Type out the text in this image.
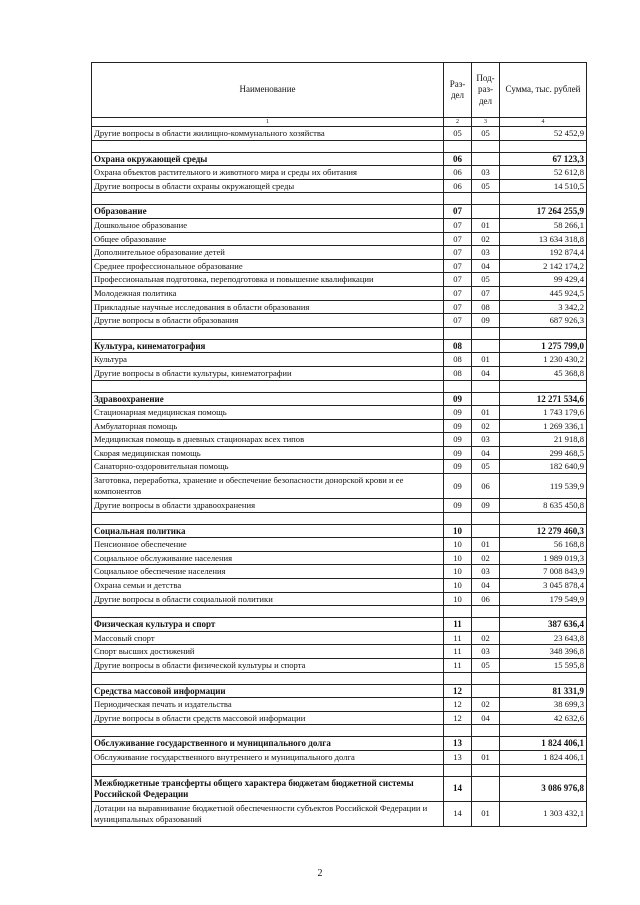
Наименование	Раз-дел	Под-раз-дел	Сумма, тыс. рублей
1	2	3	4
Другие вопросы в области жилищно-коммунального хозяйства	05	05	52 452,9

Охрана окружающей среды	06		67 123,3
Охрана объектов растительного и животного мира и среды их обитания	06	03	52 612,8
Другие вопросы в области охраны окружающей среды	06	05	14 510,5

Образование	07		17 264 255,9
Дошкольное образование	07	01	58 266,1
Общее образование	07	02	13 634 318,8
Дополнительное образование детей	07	03	192 874,4
Среднее профессиональное образование	07	04	2 142 174,2
Профессиональная подготовка, переподготовка и повышение квалификации	07	05	99 429,4
Молодежная политика	07	07	445 924,5
Прикладные научные исследования в области образования	07	08	3 342,2
Другие вопросы в области образования	07	09	687 926,3

Культура, кинематография	08		1 275 799,0
Культура	08	01	1 230 430,2
Другие вопросы в области культуры, кинематографии	08	04	45 368,8

Здравоохранение	09		12 271 534,6
Стационарная медицинская помощь	09	01	1 743 179,6
Амбулаторная помощь	09	02	1 269 336,1
Медицинская помощь в дневных стационарах всех типов	09	03	21 918,8
Скорая медицинская помощь	09	04	299 468,5
Санаторно-оздоровительная помощь	09	05	182 640,9
Заготовка, переработка, хранение и обеспечение безопасности донорской крови и ее компонентов	09	06	119 539,9
Другие вопросы в области здравоохранения	09	09	8 635 450,8

Социальная политика	10		12 279 460,3
Пенсионное обеспечение	10	01	56 168,8
Социальное обслуживание населения	10	02	1 989 019,3
Социальное обеспечение населения	10	03	7 008 843,9
Охрана семьи и детства	10	04	3 045 878,4
Другие вопросы в области социальной политики	10	06	179 549,9

Физическая культура и спорт	11		387 636,4
Массовый спорт	11	02	23 643,8
Спорт высших достижений	11	03	348 396,8
Другие вопросы в области физической культуры и спорта	11	05	15 595,8

Средства массовой информации	12		81 331,9
Периодическая печать и издательства	12	02	38 699,3
Другие вопросы в области средств массовой информации	12	04	42 632,6

Обслуживание государственного и муниципального долга	13		1 824 406,1
Обслуживание государственного внутреннего и муниципального долга	13	01	1 824 406,1

Межбюджетные трансферты общего характера бюджетам бюджетной системы Российской Федерации	14		3 086 976,8
Дотации на выравнивание бюджетной обеспеченности субъектов Российской Федерации и муниципальных образований	14	01	1 303 432,1
2
